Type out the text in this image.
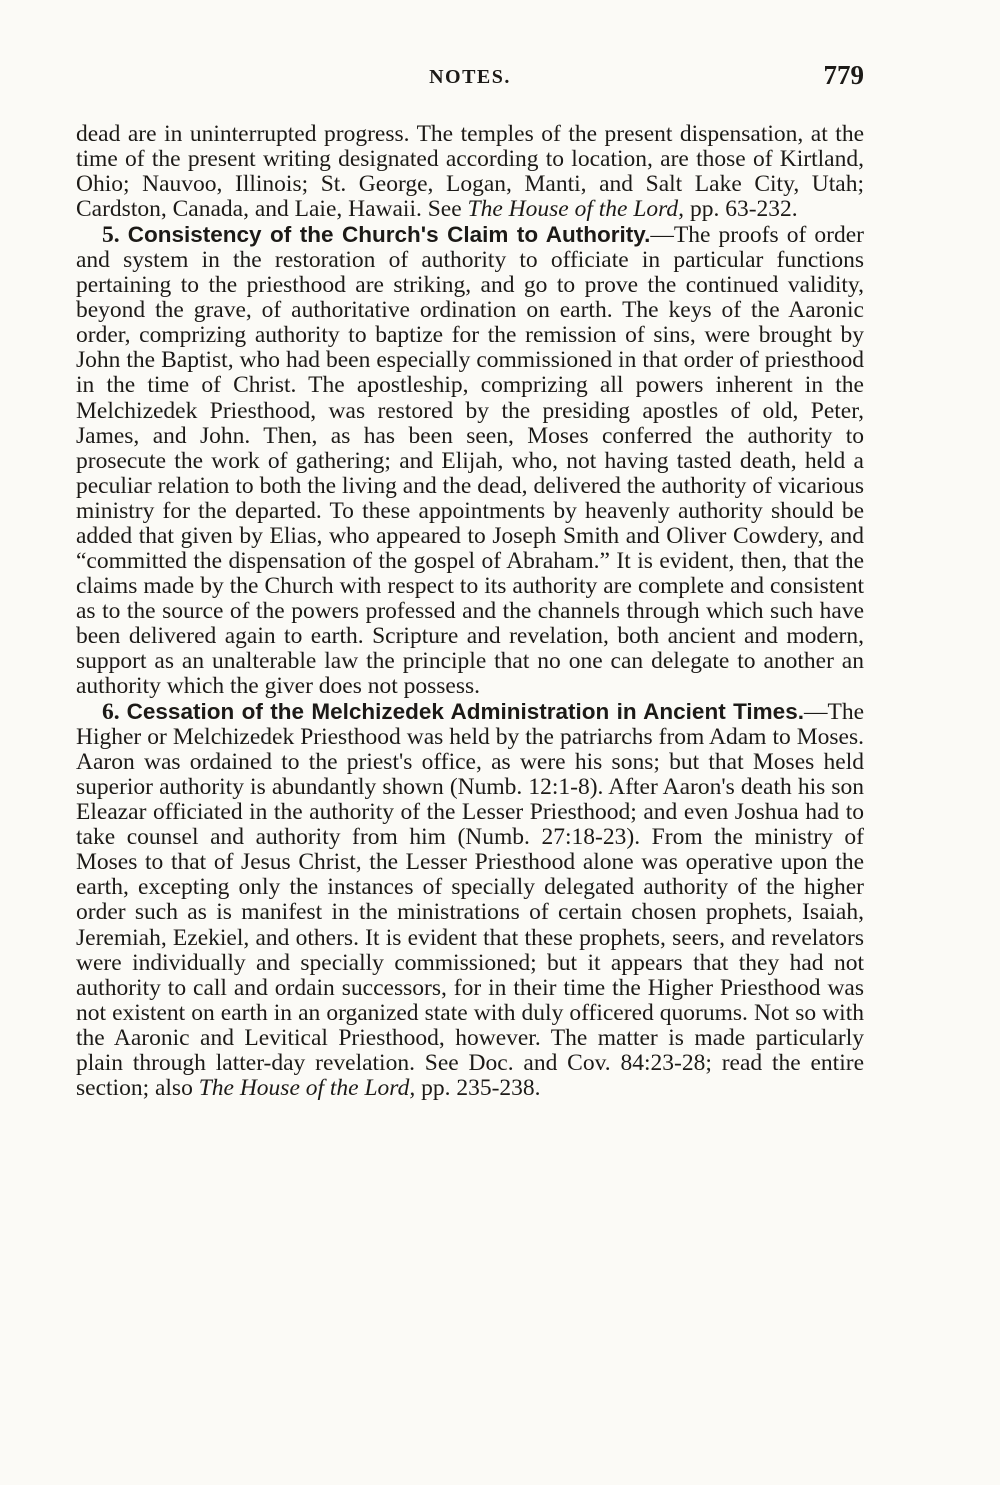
NOTES.	779

dead are in uninterrupted progress. The temples of the present dispensation, at the time of the present writing designated according to location, are those of Kirtland, Ohio; Nauvoo, Illinois; St. George, Logan, Manti, and Salt Lake City, Utah; Cardston, Canada, and Laie, Hawaii. See The House of the Lord, pp. 63-232.

5. Consistency of the Church's Claim to Authority.—The proofs of order and system in the restoration of authority to officiate in particular functions pertaining to the priesthood are striking, and go to prove the continued validity, beyond the grave, of authoritative ordination on earth. The keys of the Aaronic order, comprizing authority to baptize for the remission of sins, were brought by John the Baptist, who had been especially commissioned in that order of priesthood in the time of Christ. The apostleship, comprizing all powers inherent in the Melchizedek Priesthood, was restored by the presiding apostles of old, Peter, James, and John. Then, as has been seen, Moses conferred the authority to prosecute the work of gathering; and Elijah, who, not having tasted death, held a peculiar relation to both the living and the dead, delivered the authority of vicarious ministry for the departed. To these appointments by heavenly authority should be added that given by Elias, who appeared to Joseph Smith and Oliver Cowdery, and “committed the dispensation of the gospel of Abraham.” It is evident, then, that the claims made by the Church with respect to its authority are complete and consistent as to the source of the powers professed and the channels through which such have been delivered again to earth. Scripture and revelation, both ancient and modern, support as an unalterable law the principle that no one can delegate to another an authority which the giver does not possess.

6. Cessation of the Melchizedek Administration in Ancient Times.—The Higher or Melchizedek Priesthood was held by the patriarchs from Adam to Moses. Aaron was ordained to the priest's office, as were his sons; but that Moses held superior authority is abundantly shown (Numb. 12:1-8). After Aaron's death his son Eleazar officiated in the authority of the Lesser Priesthood; and even Joshua had to take counsel and authority from him (Numb. 27:18-23). From the ministry of Moses to that of Jesus Christ, the Lesser Priesthood alone was operative upon the earth, excepting only the instances of specially delegated authority of the higher order such as is manifest in the ministrations of certain chosen prophets, Isaiah, Jeremiah, Ezekiel, and others. It is evident that these prophets, seers, and revelators were individually and specially commissioned; but it appears that they had not authority to call and ordain successors, for in their time the Higher Priesthood was not existent on earth in an organized state with duly officered quorums. Not so with the Aaronic and Levitical Priesthood, however. The matter is made particularly plain through latter-day revelation. See Doc. and Cov. 84:23-28; read the entire section; also The House of the Lord, pp. 235-238.
